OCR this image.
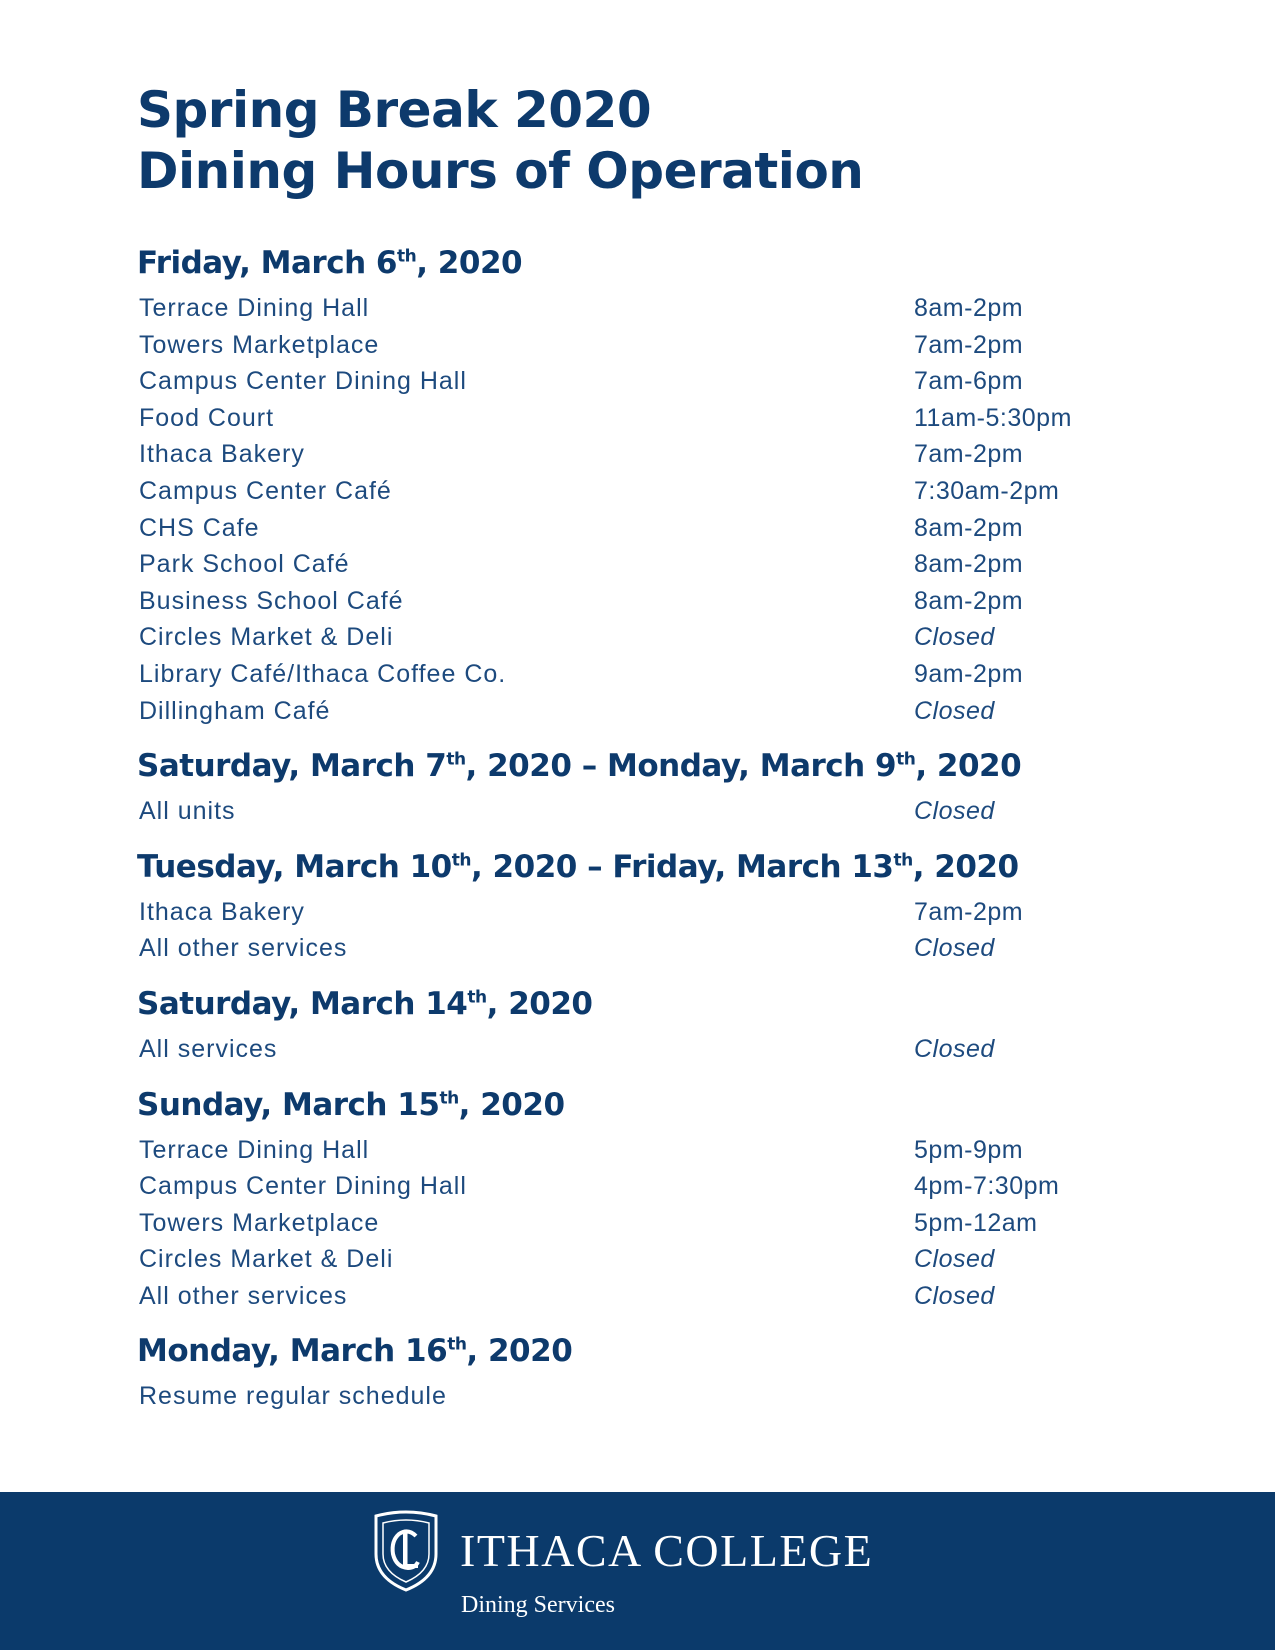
Spring Break 2020
Dining Hours of Operation
Friday, March 6th, 2020
Terrace Dining Hall	8am-2pm
Towers Marketplace	7am-2pm
Campus Center Dining Hall	7am-6pm
Food Court	11am-5:30pm
Ithaca Bakery	7am-2pm
Campus Center Café	7:30am-2pm
CHS Cafe	8am-2pm
Park School Café	8am-2pm
Business School Café	8am-2pm
Circles Market & Deli	Closed
Library Café/Ithaca Coffee Co.	9am-2pm
Dillingham Café	Closed
Saturday, March 7th, 2020 – Monday, March 9th, 2020
All units	Closed
Tuesday, March 10th, 2020 – Friday, March 13th, 2020
Ithaca Bakery	7am-2pm
All other services	Closed
Saturday, March 14th, 2020
All services	Closed
Sunday, March 15th, 2020
Terrace Dining Hall	5pm-9pm
Campus Center Dining Hall	4pm-7:30pm
Towers Marketplace	5pm-12am
Circles Market & Deli	Closed
All other services	Closed
Monday, March 16th, 2020
Resume regular schedule
ITHACA COLLEGE
Dining Services
